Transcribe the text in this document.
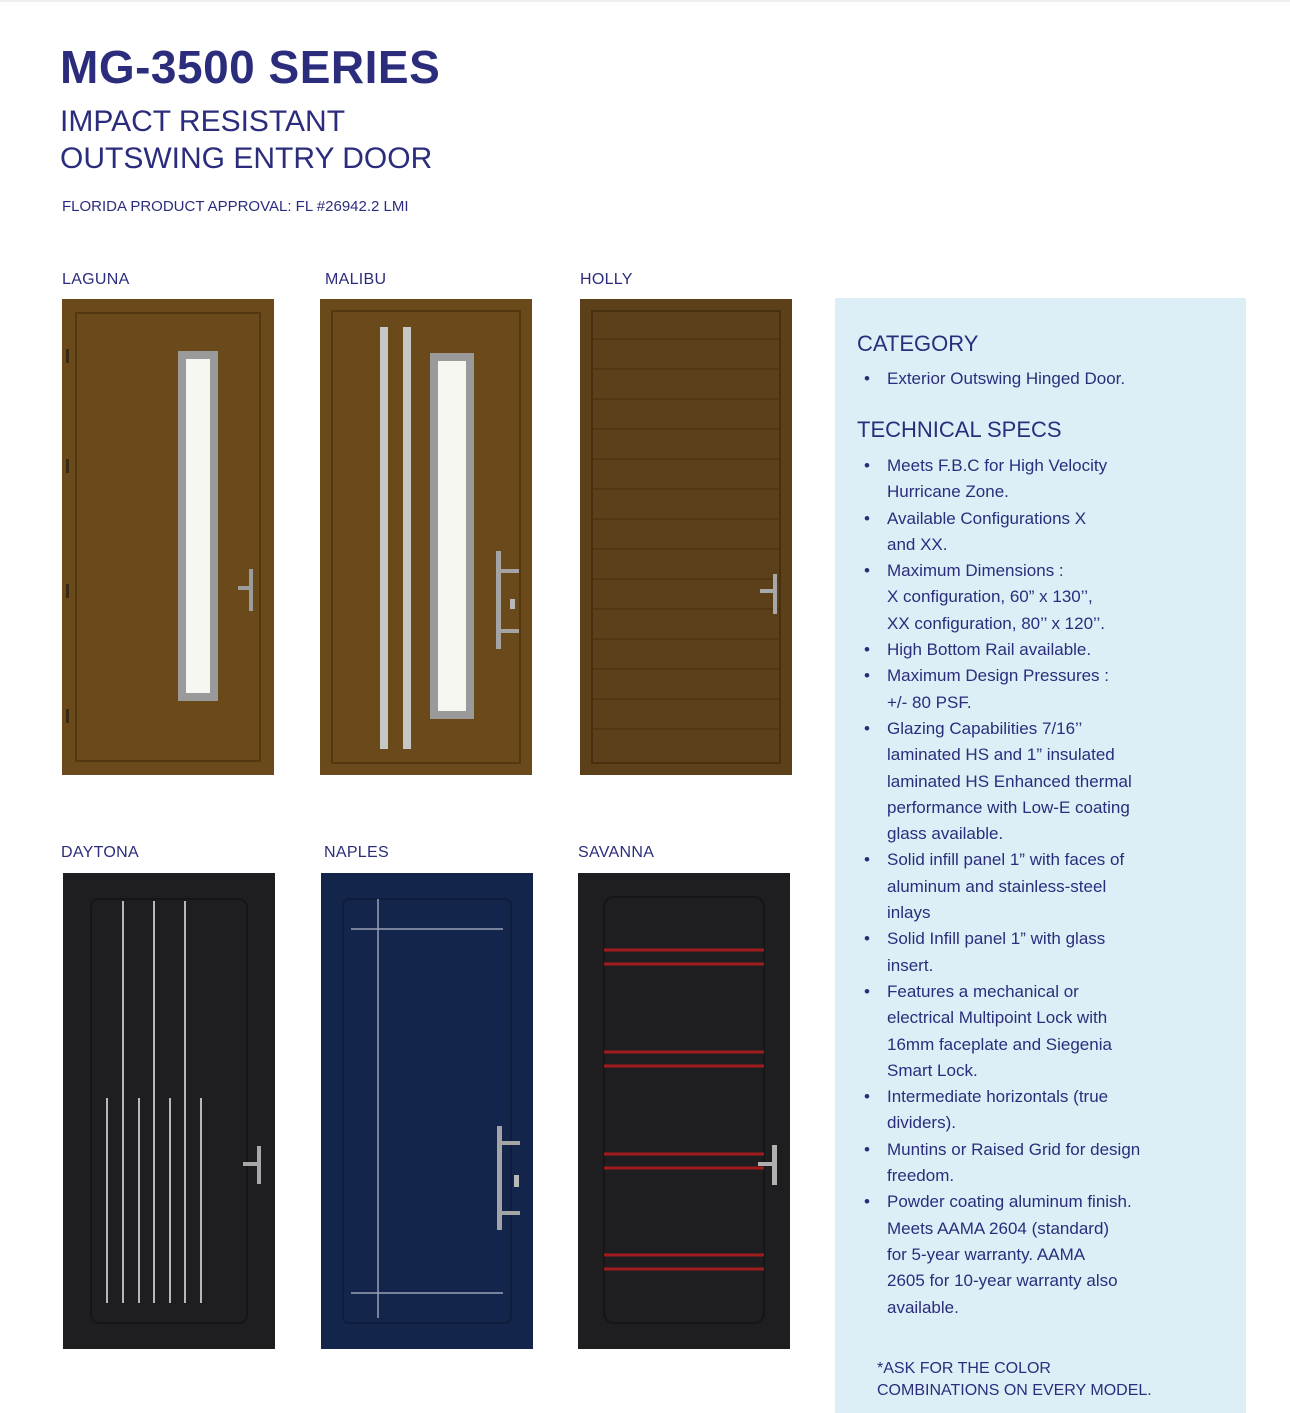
MG-3500 SERIES
IMPACT RESISTANT
OUTSWING ENTRY DOOR
FLORIDA PRODUCT APPROVAL: FL #26942.2 LMI
LAGUNA	MALIBU	HOLLY
DAYTONA	NAPLES	SAVANNA
CATEGORY
• Exterior Outswing Hinged Door.
TECHNICAL SPECS
• Meets F.B.C for High Velocity
Hurricane Zone.
• Available Configurations X
and XX.
• Maximum Dimensions :
X configuration, 60” x 130’’,
XX configuration, 80’’ x 120’’.
• High Bottom Rail available.
• Maximum Design Pressures :
+/- 80 PSF.
• Glazing Capabilities 7/16’’
laminated HS and 1” insulated
laminated HS Enhanced thermal
performance with Low-E coating
glass available.
• Solid infill panel 1” with faces of
aluminum and stainless-steel
inlays
• Solid Infill panel 1” with glass
insert.
• Features a mechanical or
electrical Multipoint Lock with
16mm faceplate and Siegenia
Smart Lock.
• Intermediate horizontals (true
dividers).
• Muntins or Raised Grid for design
freedom.
• Powder coating aluminum finish.
Meets AAMA 2604 (standard)
for 5-year warranty. AAMA
2605 for 10-year warranty also
available.
*ASK FOR THE COLOR
COMBINATIONS ON EVERY MODEL.
